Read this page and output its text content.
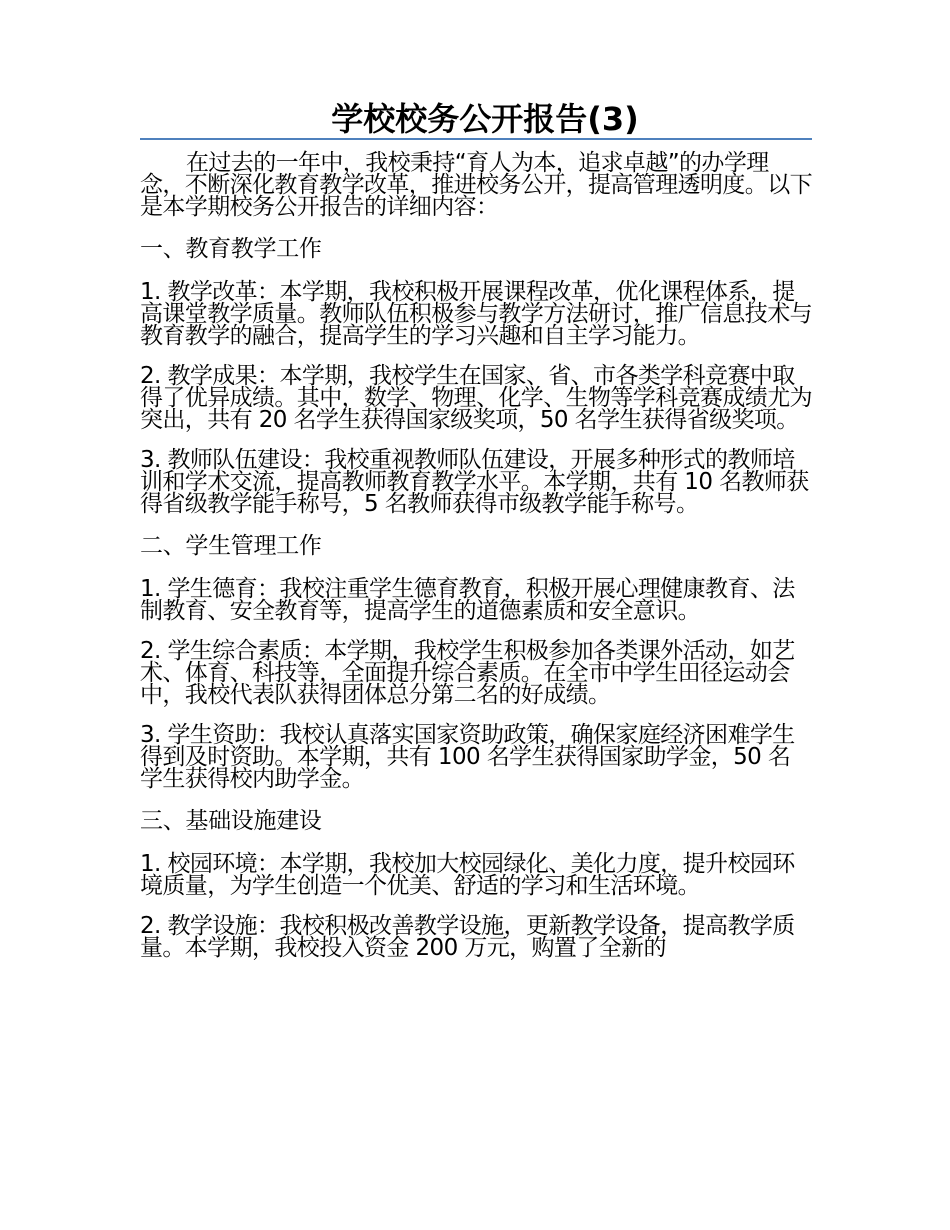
学校校务公开报告(3)

在过去的一年中，我校秉持“育人为本，追求卓越”的办学理念，不断深化教育教学改革，推进校务公开，提高管理透明度。以下是本学期校务公开报告的详细内容：

一、教育教学工作

1. 教学改革：本学期，我校积极开展课程改革，优化课程体系，提高课堂教学质量。教师队伍积极参与教学方法研讨，推广信息技术与教育教学的融合，提高学生的学习兴趣和自主学习能力。

2. 教学成果：本学期，我校学生在国家、省、市各类学科竞赛中取得了优异成绩。其中，数学、物理、化学、生物等学科竞赛成绩尤为突出，共有 20 名学生获得国家级奖项，50 名学生获得省级奖项。

3. 教师队伍建设：我校重视教师队伍建设，开展多种形式的教师培训和学术交流，提高教师教育教学水平。本学期，共有 10 名教师获得省级教学能手称号，5 名教师获得市级教学能手称号。

二、学生管理工作

1. 学生德育：我校注重学生德育教育，积极开展心理健康教育、法制教育、安全教育等，提高学生的道德素质和安全意识。

2. 学生综合素质：本学期，我校学生积极参加各类课外活动，如艺术、体育、科技等，全面提升综合素质。在全市中学生田径运动会中，我校代表队获得团体总分第二名的好成绩。

3. 学生资助：我校认真落实国家资助政策，确保家庭经济困难学生得到及时资助。本学期，共有 100 名学生获得国家助学金，50 名学生获得校内助学金。

三、基础设施建设

1. 校园环境：本学期，我校加大校园绿化、美化力度，提升校园环境质量，为学生创造一个优美、舒适的学习和生活环境。

2. 教学设施：我校积极改善教学设施，更新教学设备，提高教学质量。本学期，我校投入资金 200 万元，购置了全新的
